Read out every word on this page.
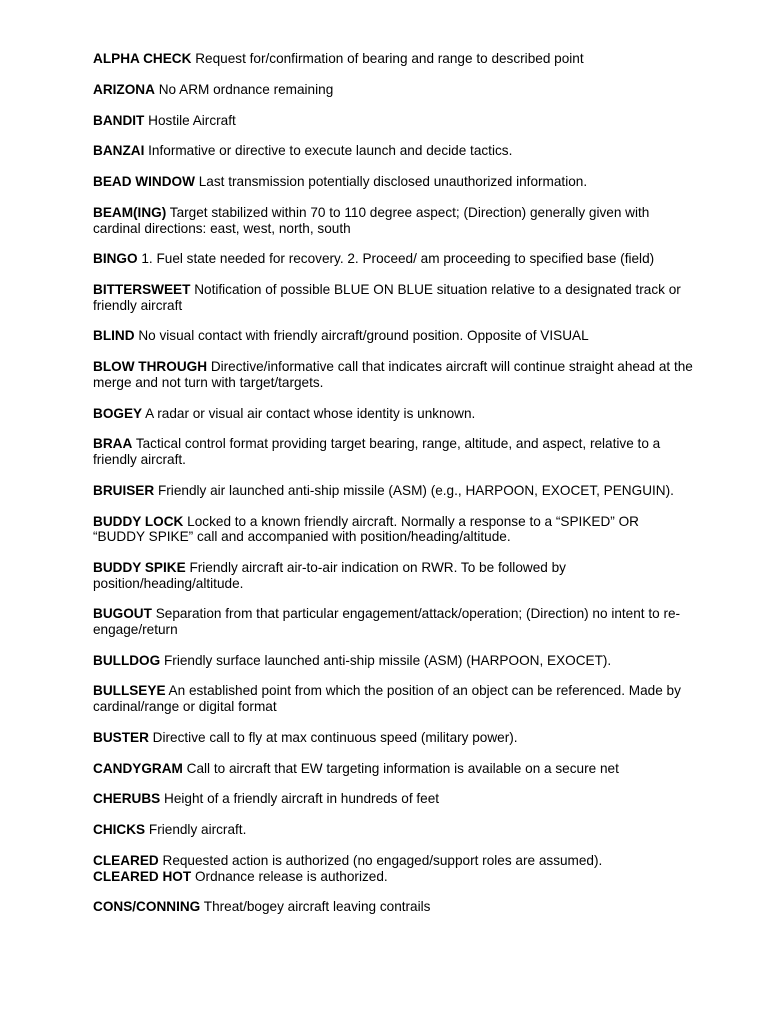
ALPHA CHECK Request for/confirmation of bearing and range to described point
ARIZONA No ARM ordnance remaining
BANDIT Hostile Aircraft
BANZAI Informative or directive to execute launch and decide tactics.
BEAD WINDOW Last transmission potentially disclosed unauthorized information.
BEAM(ING) Target stabilized within 70 to 110 degree aspect; (Direction) generally given with cardinal directions: east, west, north, south
BINGO 1. Fuel state needed for recovery. 2. Proceed/ am proceeding to specified base (field)
BITTERSWEET Notification of possible BLUE ON BLUE situation relative to a designated track or friendly aircraft
BLIND No visual contact with friendly aircraft/ground position. Opposite of VISUAL
BLOW THROUGH Directive/informative call that indicates aircraft will continue straight ahead at the merge and not turn with target/targets.
BOGEY A radar or visual air contact whose identity is unknown.
BRAA Tactical control format providing target bearing, range, altitude, and aspect, relative to a friendly aircraft.
BRUISER Friendly air launched anti-ship missile (ASM) (e.g., HARPOON, EXOCET, PENGUIN).
BUDDY LOCK Locked to a known friendly aircraft. Normally a response to a “SPIKED” OR “BUDDY SPIKE” call and accompanied with position/heading/altitude.
BUDDY SPIKE Friendly aircraft air-to-air indication on RWR. To be followed by position/heading/altitude.
BUGOUT Separation from that particular engagement/attack/operation; (Direction) no intent to re-engage/return
BULLDOG Friendly surface launched anti-ship missile (ASM) (HARPOON, EXOCET).
BULLSEYE An established point from which the position of an object can be referenced. Made by cardinal/range or digital format
BUSTER Directive call to fly at max continuous speed (military power).
CANDYGRAM Call to aircraft that EW targeting information is available on a secure net
CHERUBS Height of a friendly aircraft in hundreds of feet
CHICKS Friendly aircraft.
CLEARED Requested action is authorized (no engaged/support roles are assumed).
CLEARED HOT Ordnance release is authorized.
CONS/CONNING Threat/bogey aircraft leaving contrails
